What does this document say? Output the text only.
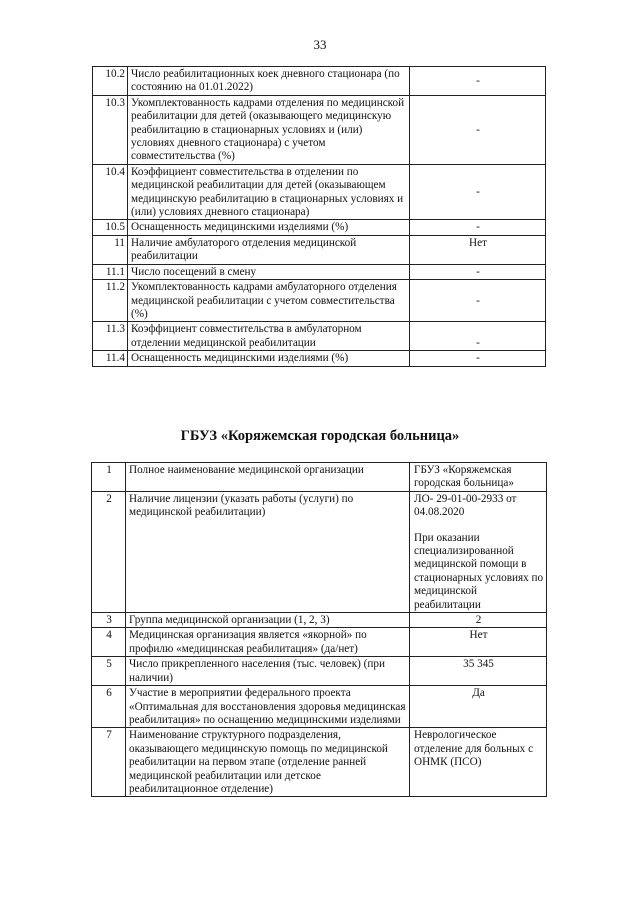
33
10.2	Число реабилитационных коек дневного стационара (по состоянию на 01.01.2022)	-
10.3	Укомплектованность кадрами отделения по медицинской реабилитации для детей (оказывающего медицинскую реабилитацию в стационарных условиях и (или) условиях дневного стационара) с учетом совместительства (%)	-
10.4	Коэффициент совместительства в отделении по медицинской реабилитации для детей (оказывающем медицинскую реабилитацию в стационарных условиях и (или) условиях дневного стационара)	-
10.5	Оснащенность медицинскими изделиями (%)	-
11	Наличие амбулаторого отделения медицинской реабилитации	Нет
11.1	Число посещений в смену	-
11.2	Укомплектованность кадрами амбулаторного отделения медицинской реабилитации с учетом совместительства (%)	-
11.3	Коэффициент совместительства в амбулаторном отделении медицинской реабилитации	-
11.4	Оснащенность медицинскими изделиями (%)	-
ГБУЗ «Коряжемская городская больница»
1	Полное наименование медицинской организации	ГБУЗ «Коряжемская городская больница»
2	Наличие лицензии (указать работы (услуги) по медицинской реабилитации)	ЛО- 29-01-00-2933 от 04.08.2020
При оказании специализированной медицинской помощи в стационарных условиях по медицинской реабилитации

3	Группа медицинской организации (1, 2, 3)	2
4	Медицинская организация является «якорной» по профилю «медицинская реабилитация» (да/нет)	Нет
5	Число прикрепленного населения (тыс. человек) (при наличии)	35 345
6	Участие в мероприятии федерального проекта «Оптимальная для восстановления здоровья медицинская реабилитация» по оснащению медицинскими изделиями	Да
7	Наименование структурного подразделения, оказывающего медицинскую помощь по медицинской реабилитации на первом этапе (отделение ранней медицинской реабилитации или детское реабилитационное отделение)	Неврологическое отделение для больных с ОНМК (ПСО)
